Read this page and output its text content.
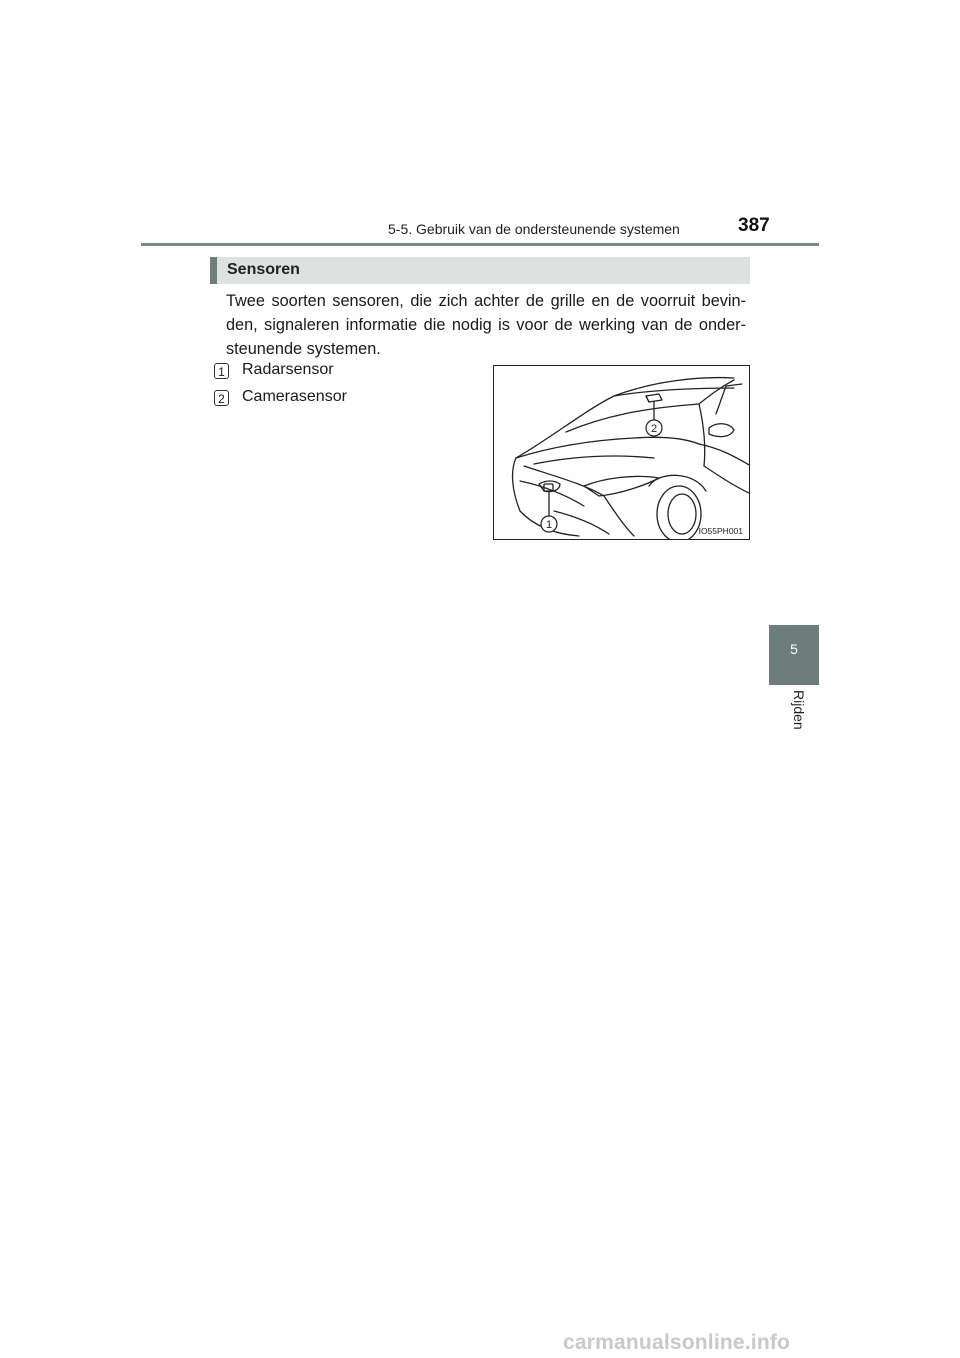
5-5. Gebruik van de ondersteunende systemen	387
5
Rijden
Sensoren
Twee soorten sensoren, die zich achter de grille en de voorruit bevin-den, signaleren informatie die nodig is voor de werking van de onder-steunende systemen.
1 Radarsensor
2 Camerasensor
2
1	IO55PH001
carmanualsonline.info
